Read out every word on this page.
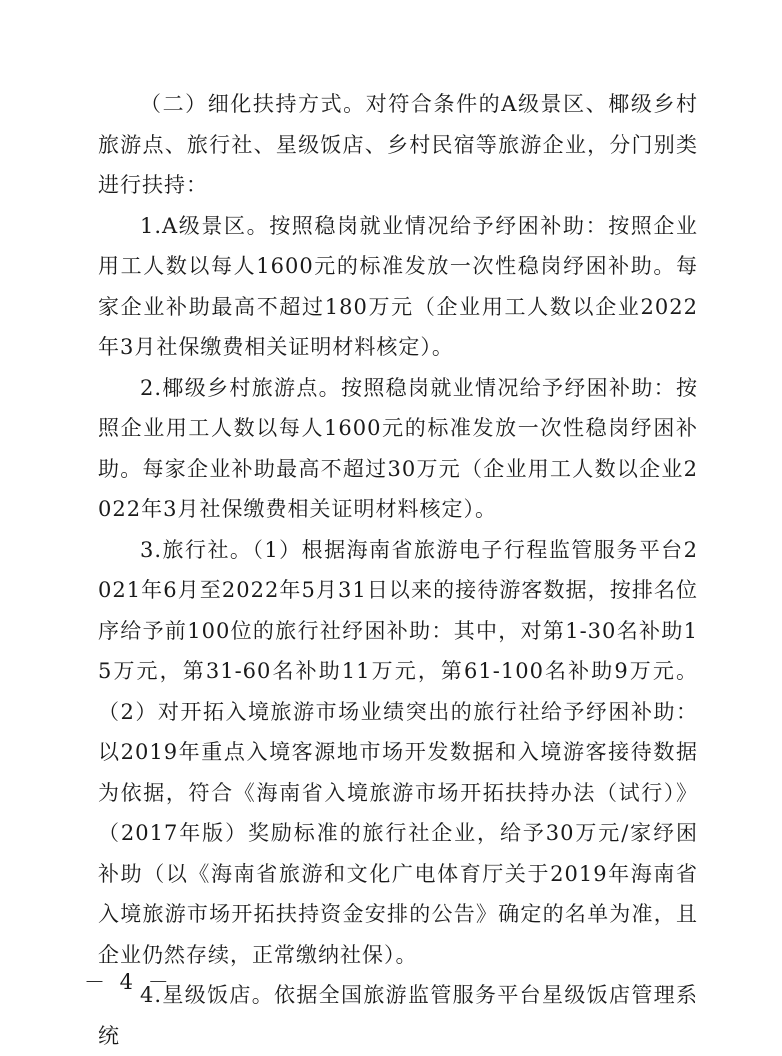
（二）细化扶持方式。对符合条件的A级景区、椰级乡村旅游点、旅行社、星级饭店、乡村民宿等旅游企业，分门别类进行扶持：

1.A级景区。按照稳岗就业情况给予纾困补助：按照企业用工人数以每人1600元的标准发放一次性稳岗纾困补助。每家企业补助最高不超过180万元（企业用工人数以企业2022年3月社保缴费相关证明材料核定）。

2.椰级乡村旅游点。按照稳岗就业情况给予纾困补助：按照企业用工人数以每人1600元的标准发放一次性稳岗纾困补助。每家企业补助最高不超过30万元（企业用工人数以企业2022年3月社保缴费相关证明材料核定）。

3.旅行社。（1）根据海南省旅游电子行程监管服务平台2021年6月至2022年5月31日以来的接待游客数据，按排名位序给予前100位的旅行社纾困补助：其中，对第1-30名补助15万元，第31-60名补助11万元，第61-100名补助9万元。（2）对开拓入境旅游市场业绩突出的旅行社给予纾困补助：以2019年重点入境客源地市场开发数据和入境游客接待数据为依据，符合《海南省入境旅游市场开拓扶持办法（试行）》（2017年版）奖励标准的旅行社企业，给予30万元/家纾困补助（以《海南省旅游和文化广电体育厅关于2019年海南省入境旅游市场开拓扶持资金安排的公告》确定的名单为准，且企业仍然存续，正常缴纳社保）。

4.星级饭店。依据全国旅游监管服务平台星级饭店管理系统

－ 4 －
